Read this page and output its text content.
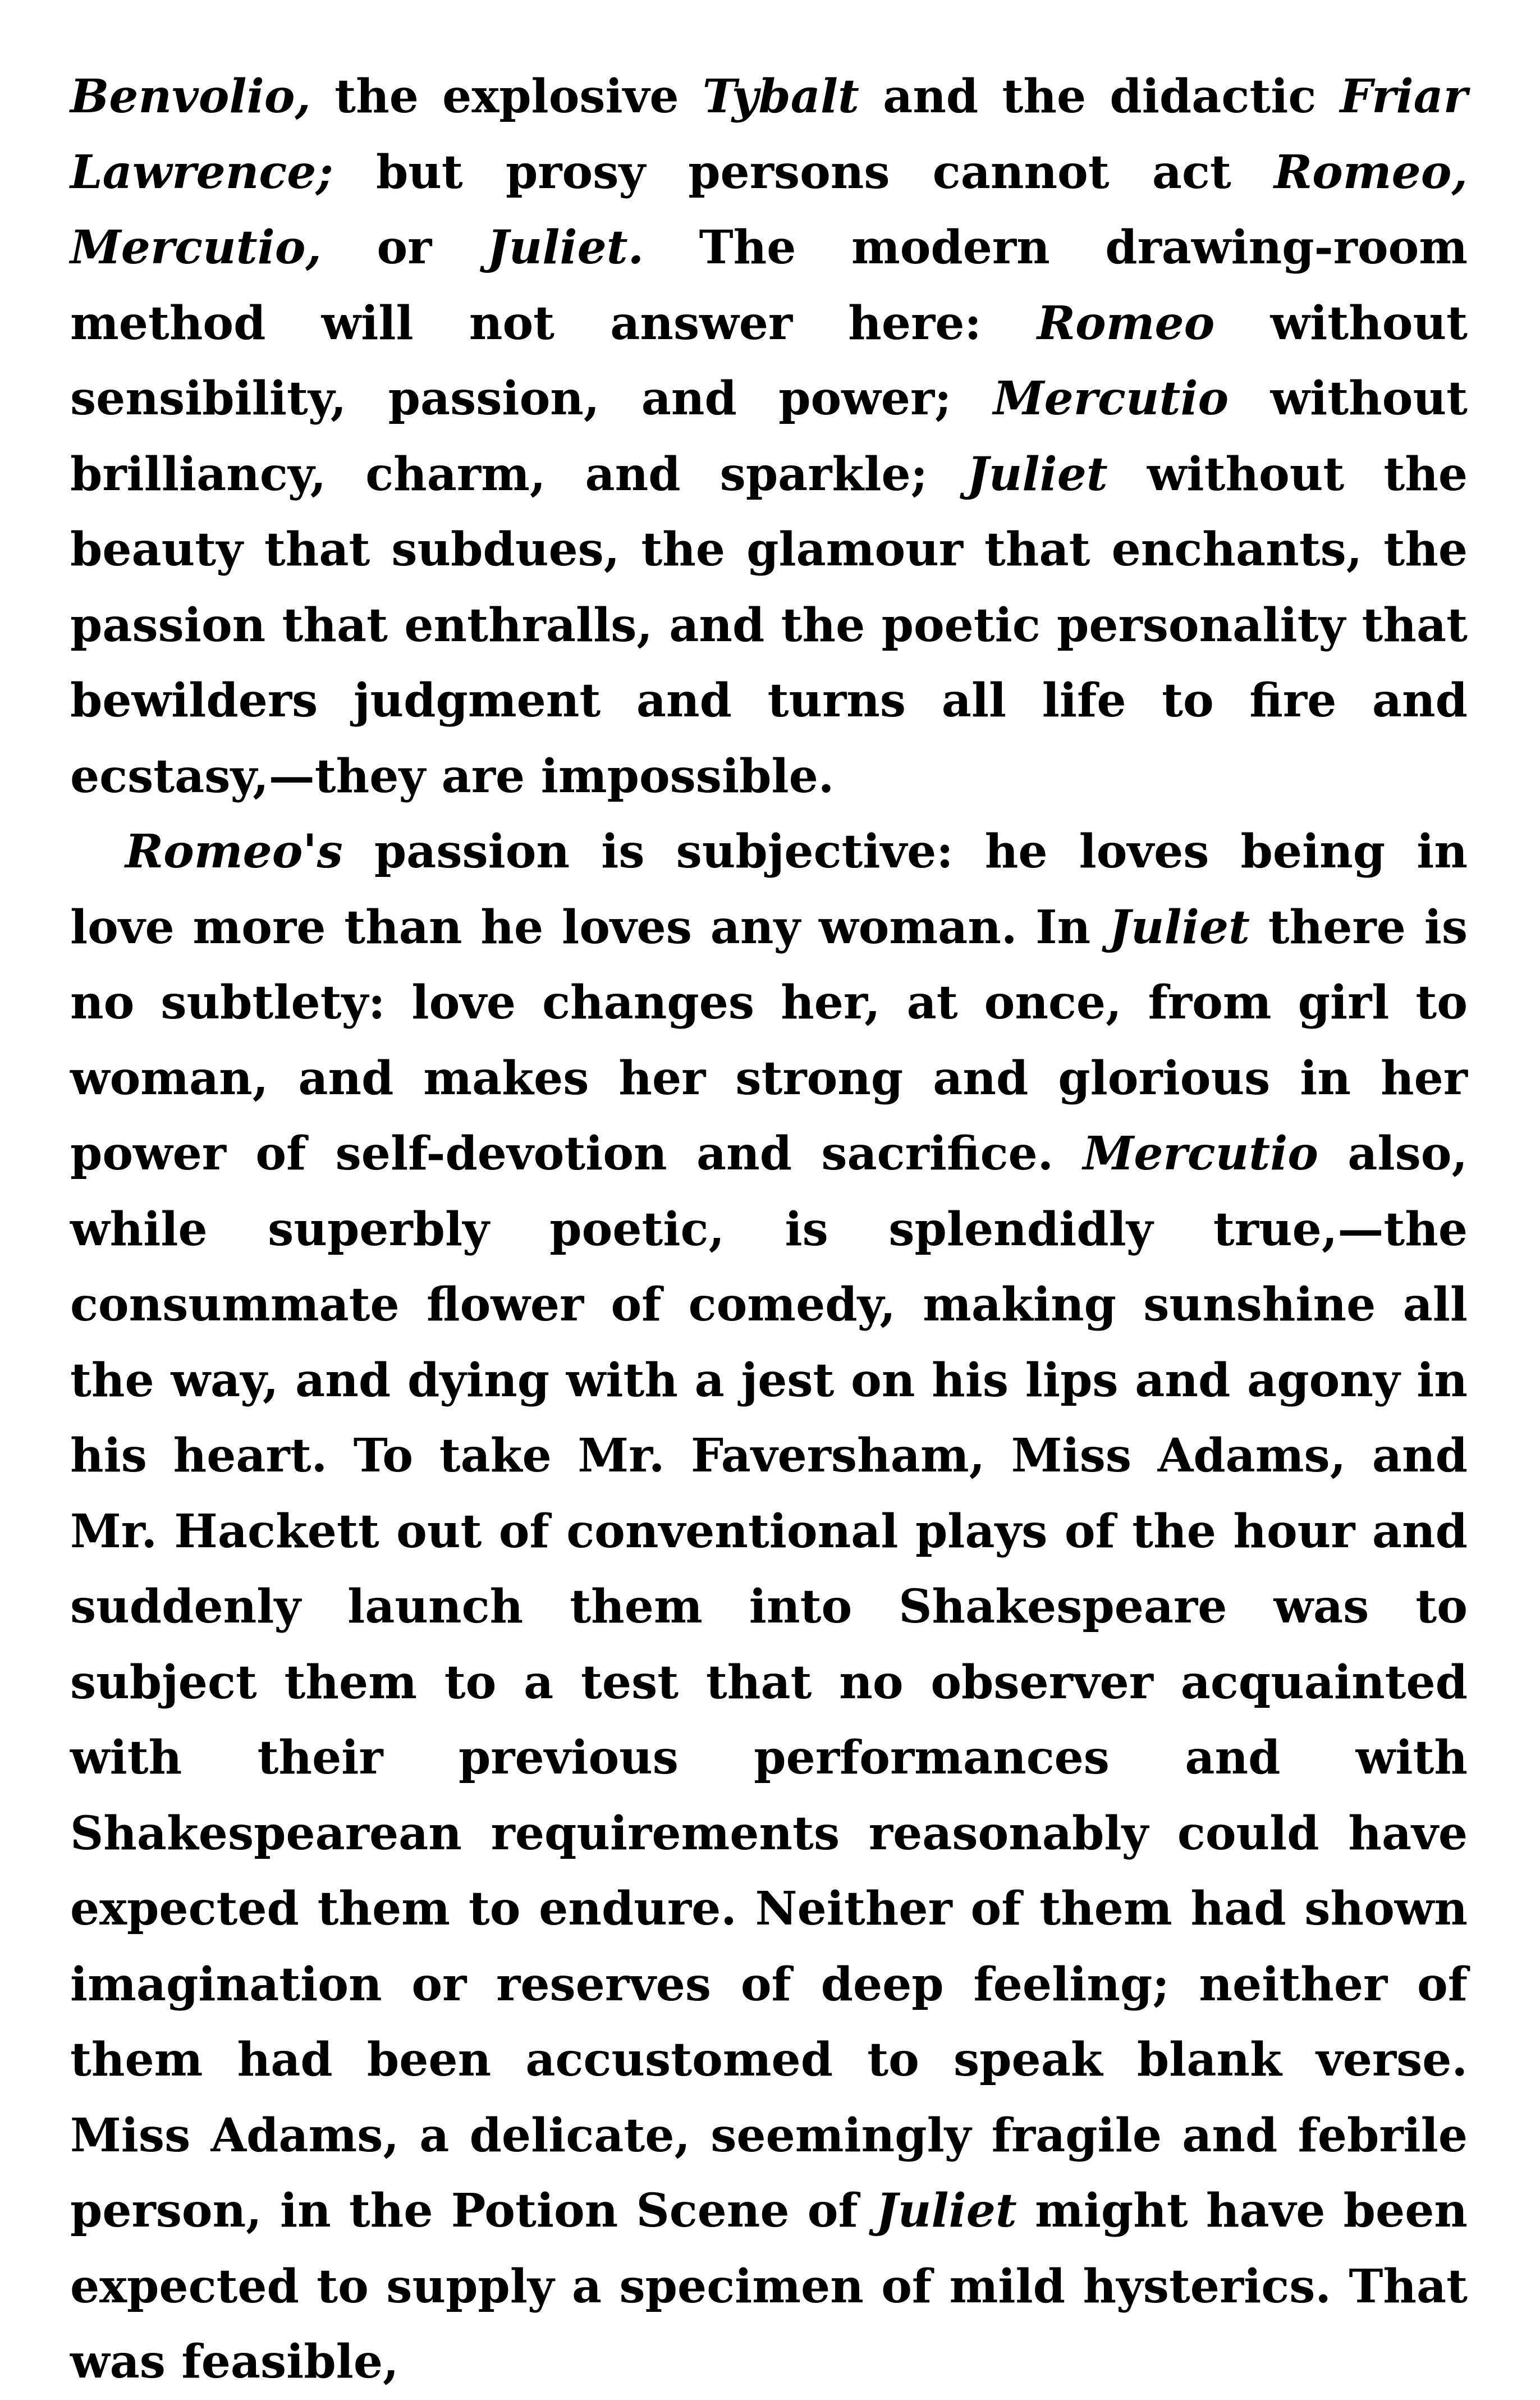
Benvolio, the explosive Tybalt and the didactic Friar Lawrence; but prosy persons cannot act Romeo, Mercutio, or Juliet. The modern drawing-room method will not answer here: Romeo without sensibility, passion, and power; Mercutio without brilliancy, charm, and sparkle; Juliet without the beauty that subdues, the glamour that enchants, the passion that enthralls, and the poetic personality that bewilders judgment and turns all life to fire and ecstasy,—they are impossible.

Romeo's passion is subjective: he loves being in love more than he loves any woman. In Juliet there is no subtlety: love changes her, at once, from girl to woman, and makes her strong and glorious in her power of self-devotion and sacrifice. Mercutio also, while superbly poetic, is splendidly true,—the consummate flower of comedy, making sunshine all the way, and dying with a jest on his lips and agony in his heart. To take Mr. Faversham, Miss Adams, and Mr. Hackett out of conventional plays of the hour and suddenly launch them into Shakespeare was to subject them to a test that no observer acquainted with their previous performances and with Shakespearean requirements reasonably could have expected them to endure. Neither of them had shown imagination or reserves of deep feeling; neither of them had been accustomed to speak blank verse. Miss Adams, a delicate, seemingly fragile and febrile person, in the Potion Scene of Juliet might have been expected to supply a specimen of mild hysterics. That was feasible,
